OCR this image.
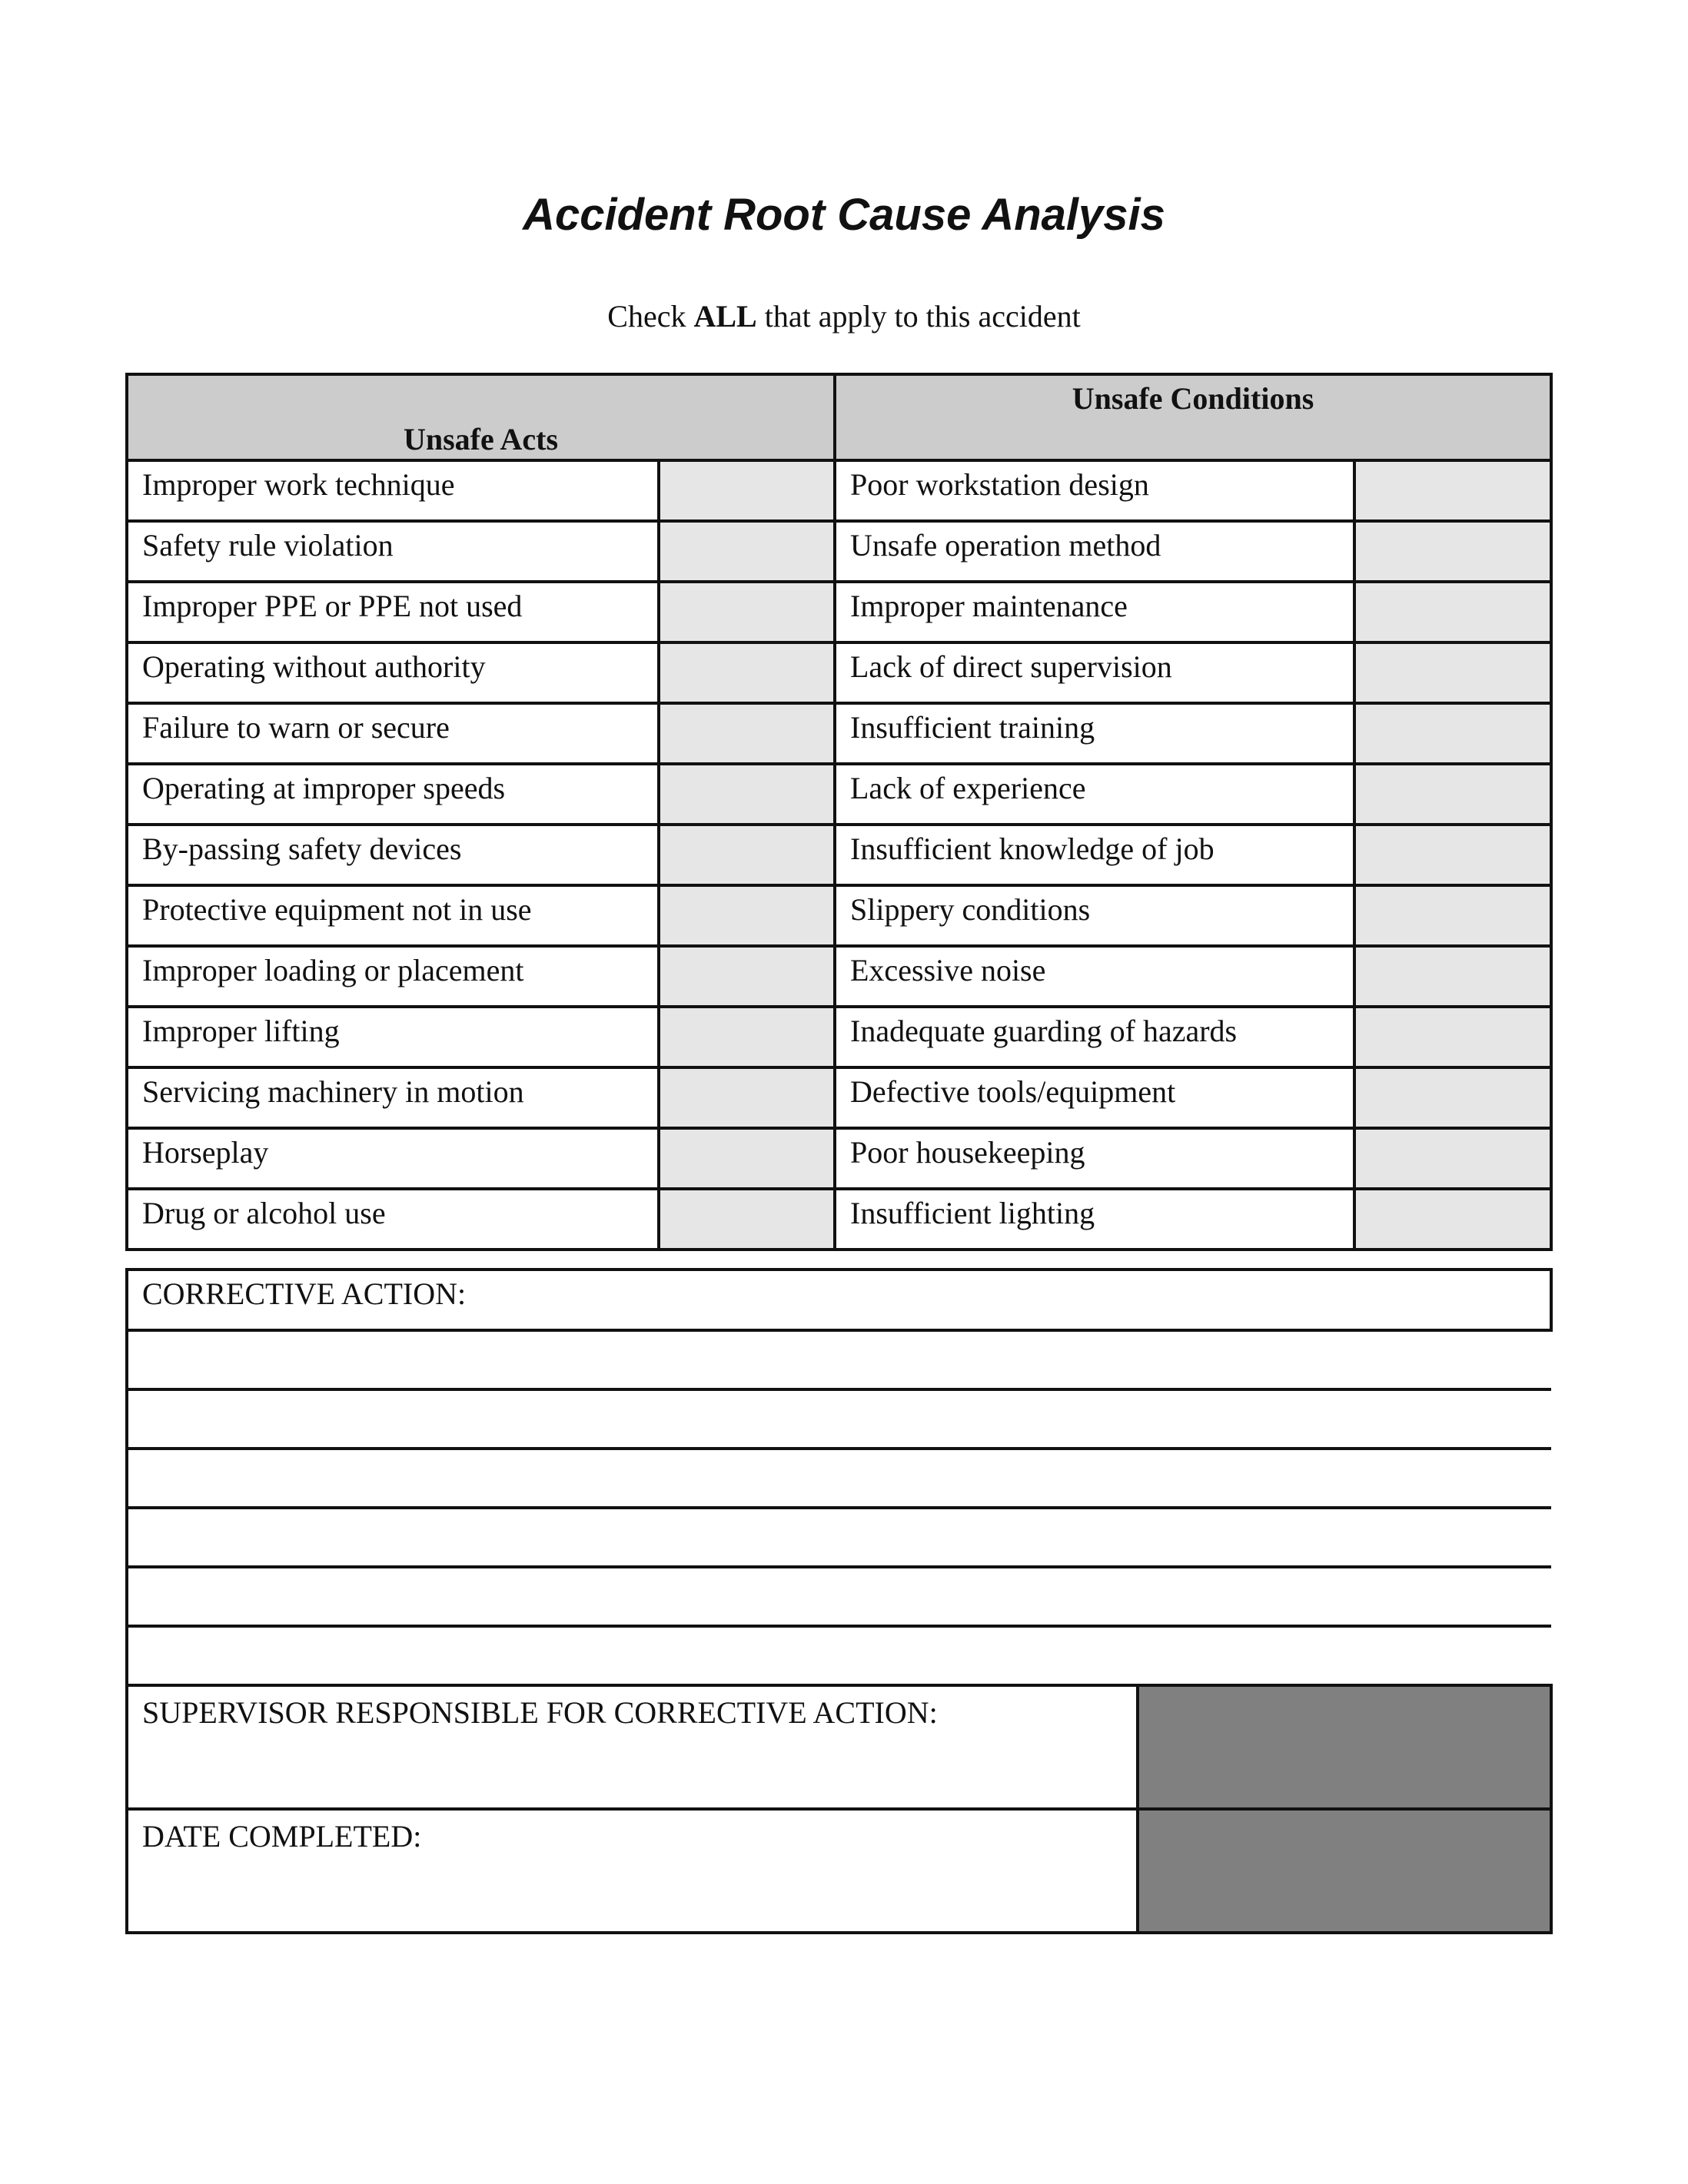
Accident Root Cause Analysis
Check ALL that apply to this accident
Unsafe Acts		Unsafe Conditions	
Improper work technique		Poor workstation design	
Safety rule violation		Unsafe operation method	
Improper PPE or PPE not used		Improper maintenance	
Operating without authority		Lack of direct supervision	
Failure to warn or secure		Insufficient training	
Operating at improper speeds		Lack of experience	
By-passing safety devices		Insufficient knowledge of job	
Protective equipment not in use		Slippery conditions	
Improper loading or placement		Excessive noise	
Improper lifting		Inadequate guarding of hazards	
Servicing machinery in motion		Defective tools/equipment	
Horseplay		Poor housekeeping	
Drug or alcohol use		Insufficient lighting	
CORRECTIVE ACTION:	

SUPERVISOR RESPONSIBLE FOR CORRECTIVE ACTION:	
DATE COMPLETED:	
